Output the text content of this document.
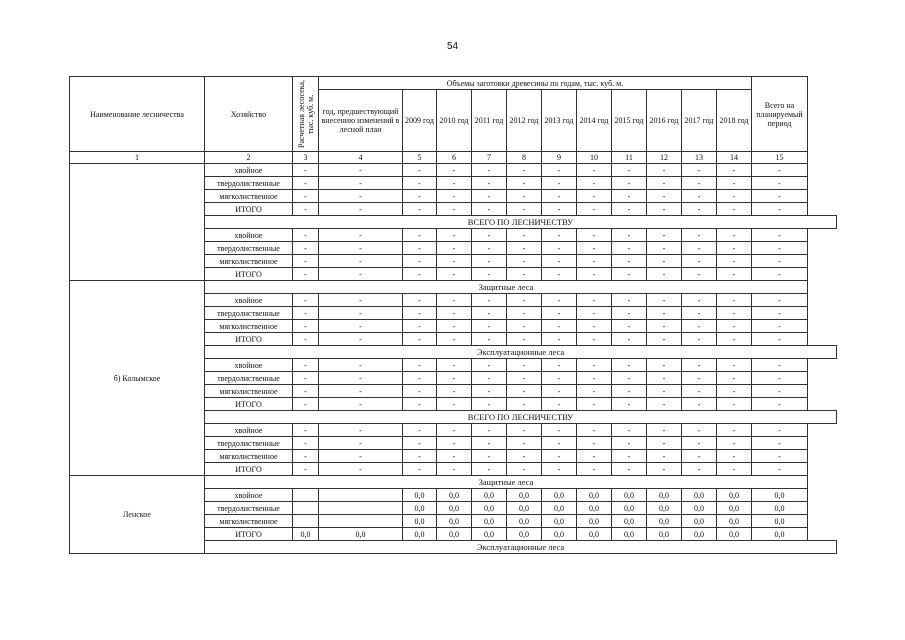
54
Наименование лесничества	Хозяйство	Расчетная лесосека, тыс. куб. м.	Объемы заготовки древесины по годам, тыс. куб. м.											Всего на планируемый период
			год, предшествующий внесению изменений в лесной план	2009 год	2010 год	2011 год	2012 год	2013 год	2014 год	2015 год	2016 год	2017 год	2018 год	
1	2	3	4	5	6	7	8	9	10	11	12	13	14	15
	хвойное	-	-	-	-	-	-	-	-	-	-	-	-	-
	твердолиственные	-	-	-	-	-	-	-	-	-	-	-	-	-
	мягколиственное	-	-	-	-	-	-	-	-	-	-	-	-	-
	ИТОГО	-	-	-	-	-	-	-	-	-	-	-	-	-
	ВСЕГО ПО ЛЕСНИЧЕСТВУ													
	хвойное	-	-	-	-	-	-	-	-	-	-	-	-	-
	твердолиственные	-	-	-	-	-	-	-	-	-	-	-	-	-
	мягколиственное	-	-	-	-	-	-	-	-	-	-	-	-	-
	ИТОГО	-	-	-	-	-	-	-	-	-	-	-	-	-
б) Колымское	Защитные леса													
	хвойное	-	-	-	-	-	-	-	-	-	-	-	-	-
	твердолиственные	-	-	-	-	-	-	-	-	-	-	-	-	-
	мягколиственное	-	-	-	-	-	-	-	-	-	-	-	-	-
	ИТОГО	-	-	-	-	-	-	-	-	-	-	-	-	-
	Эксплуатационные леса													
	хвойное	-	-	-	-	-	-	-	-	-	-	-	-	-
	твердолиственные	-	-	-	-	-	-	-	-	-	-	-	-	-
	мягколиственное	-	-	-	-	-	-	-	-	-	-	-	-	-
	ИТОГО	-	-	-	-	-	-	-	-	-	-	-	-	-
	ВСЕГО ПО ЛЕСНИЧЕСТВУ													
	хвойное	-	-	-	-	-	-	-	-	-	-	-	-	-
	твердолиственные	-	-	-	-	-	-	-	-	-	-	-	-	-
	мягколиственное	-	-	-	-	-	-	-	-	-	-	-	-	-
	ИТОГО	-	-	-	-	-	-	-	-	-	-	-	-	-
Ленское	Защитные леса													
	хвойное			0,0	0,0	0,0	0,0	0,0	0,0	0,0	0,0	0,0	0,0	0,0
	твердолиственные			0,0	0,0	0,0	0,0	0,0	0,0	0,0	0,0	0,0	0,0	0,0
	мягколиственное			0,0	0,0	0,0	0,0	0,0	0,0	0,0	0,0	0,0	0,0	0,0
	ИТОГО	0,0	0,0	0,0	0,0	0,0	0,0	0,0	0,0	0,0	0,0	0,0	0,0	0,0
	Эксплуатационные леса													
